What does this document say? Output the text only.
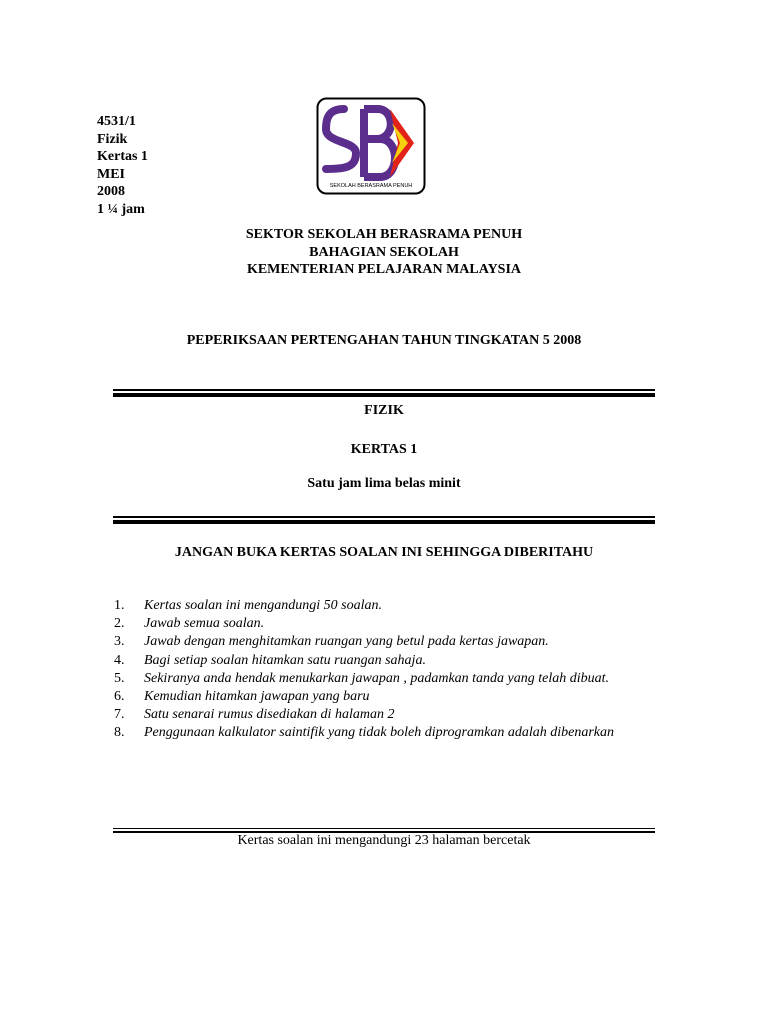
4531/1
Fizik
Kertas 1
MEI
2008
1 ¼ jam
SEKOLAH BERASRAMA PENUH
SEKTOR SEKOLAH BERASRAMA PENUH
BAHAGIAN SEKOLAH
KEMENTERIAN PELAJARAN MALAYSIA
PEPERIKSAAN PERTENGAHAN TAHUN TINGKATAN 5 2008
FIZIK
KERTAS 1
Satu jam lima belas minit
JANGAN BUKA KERTAS SOALAN INI SEHINGGA DIBERITAHU
1.	Kertas soalan ini mengandungi 50 soalan.
2.	Jawab semua soalan.
3.	Jawab dengan menghitamkan ruangan yang betul pada kertas jawapan.
4.	Bagi setiap soalan hitamkan satu ruangan sahaja.
5.	Sekiranya anda hendak menukarkan jawapan , padamkan tanda yang telah dibuat.
6.	Kemudian hitamkan jawapan yang baru
7.	Satu senarai rumus disediakan di halaman 2
8.	Penggunaan kalkulator saintifik yang tidak boleh diprogramkan adalah dibenarkan
Kertas soalan ini mengandungi 23 halaman bercetak
